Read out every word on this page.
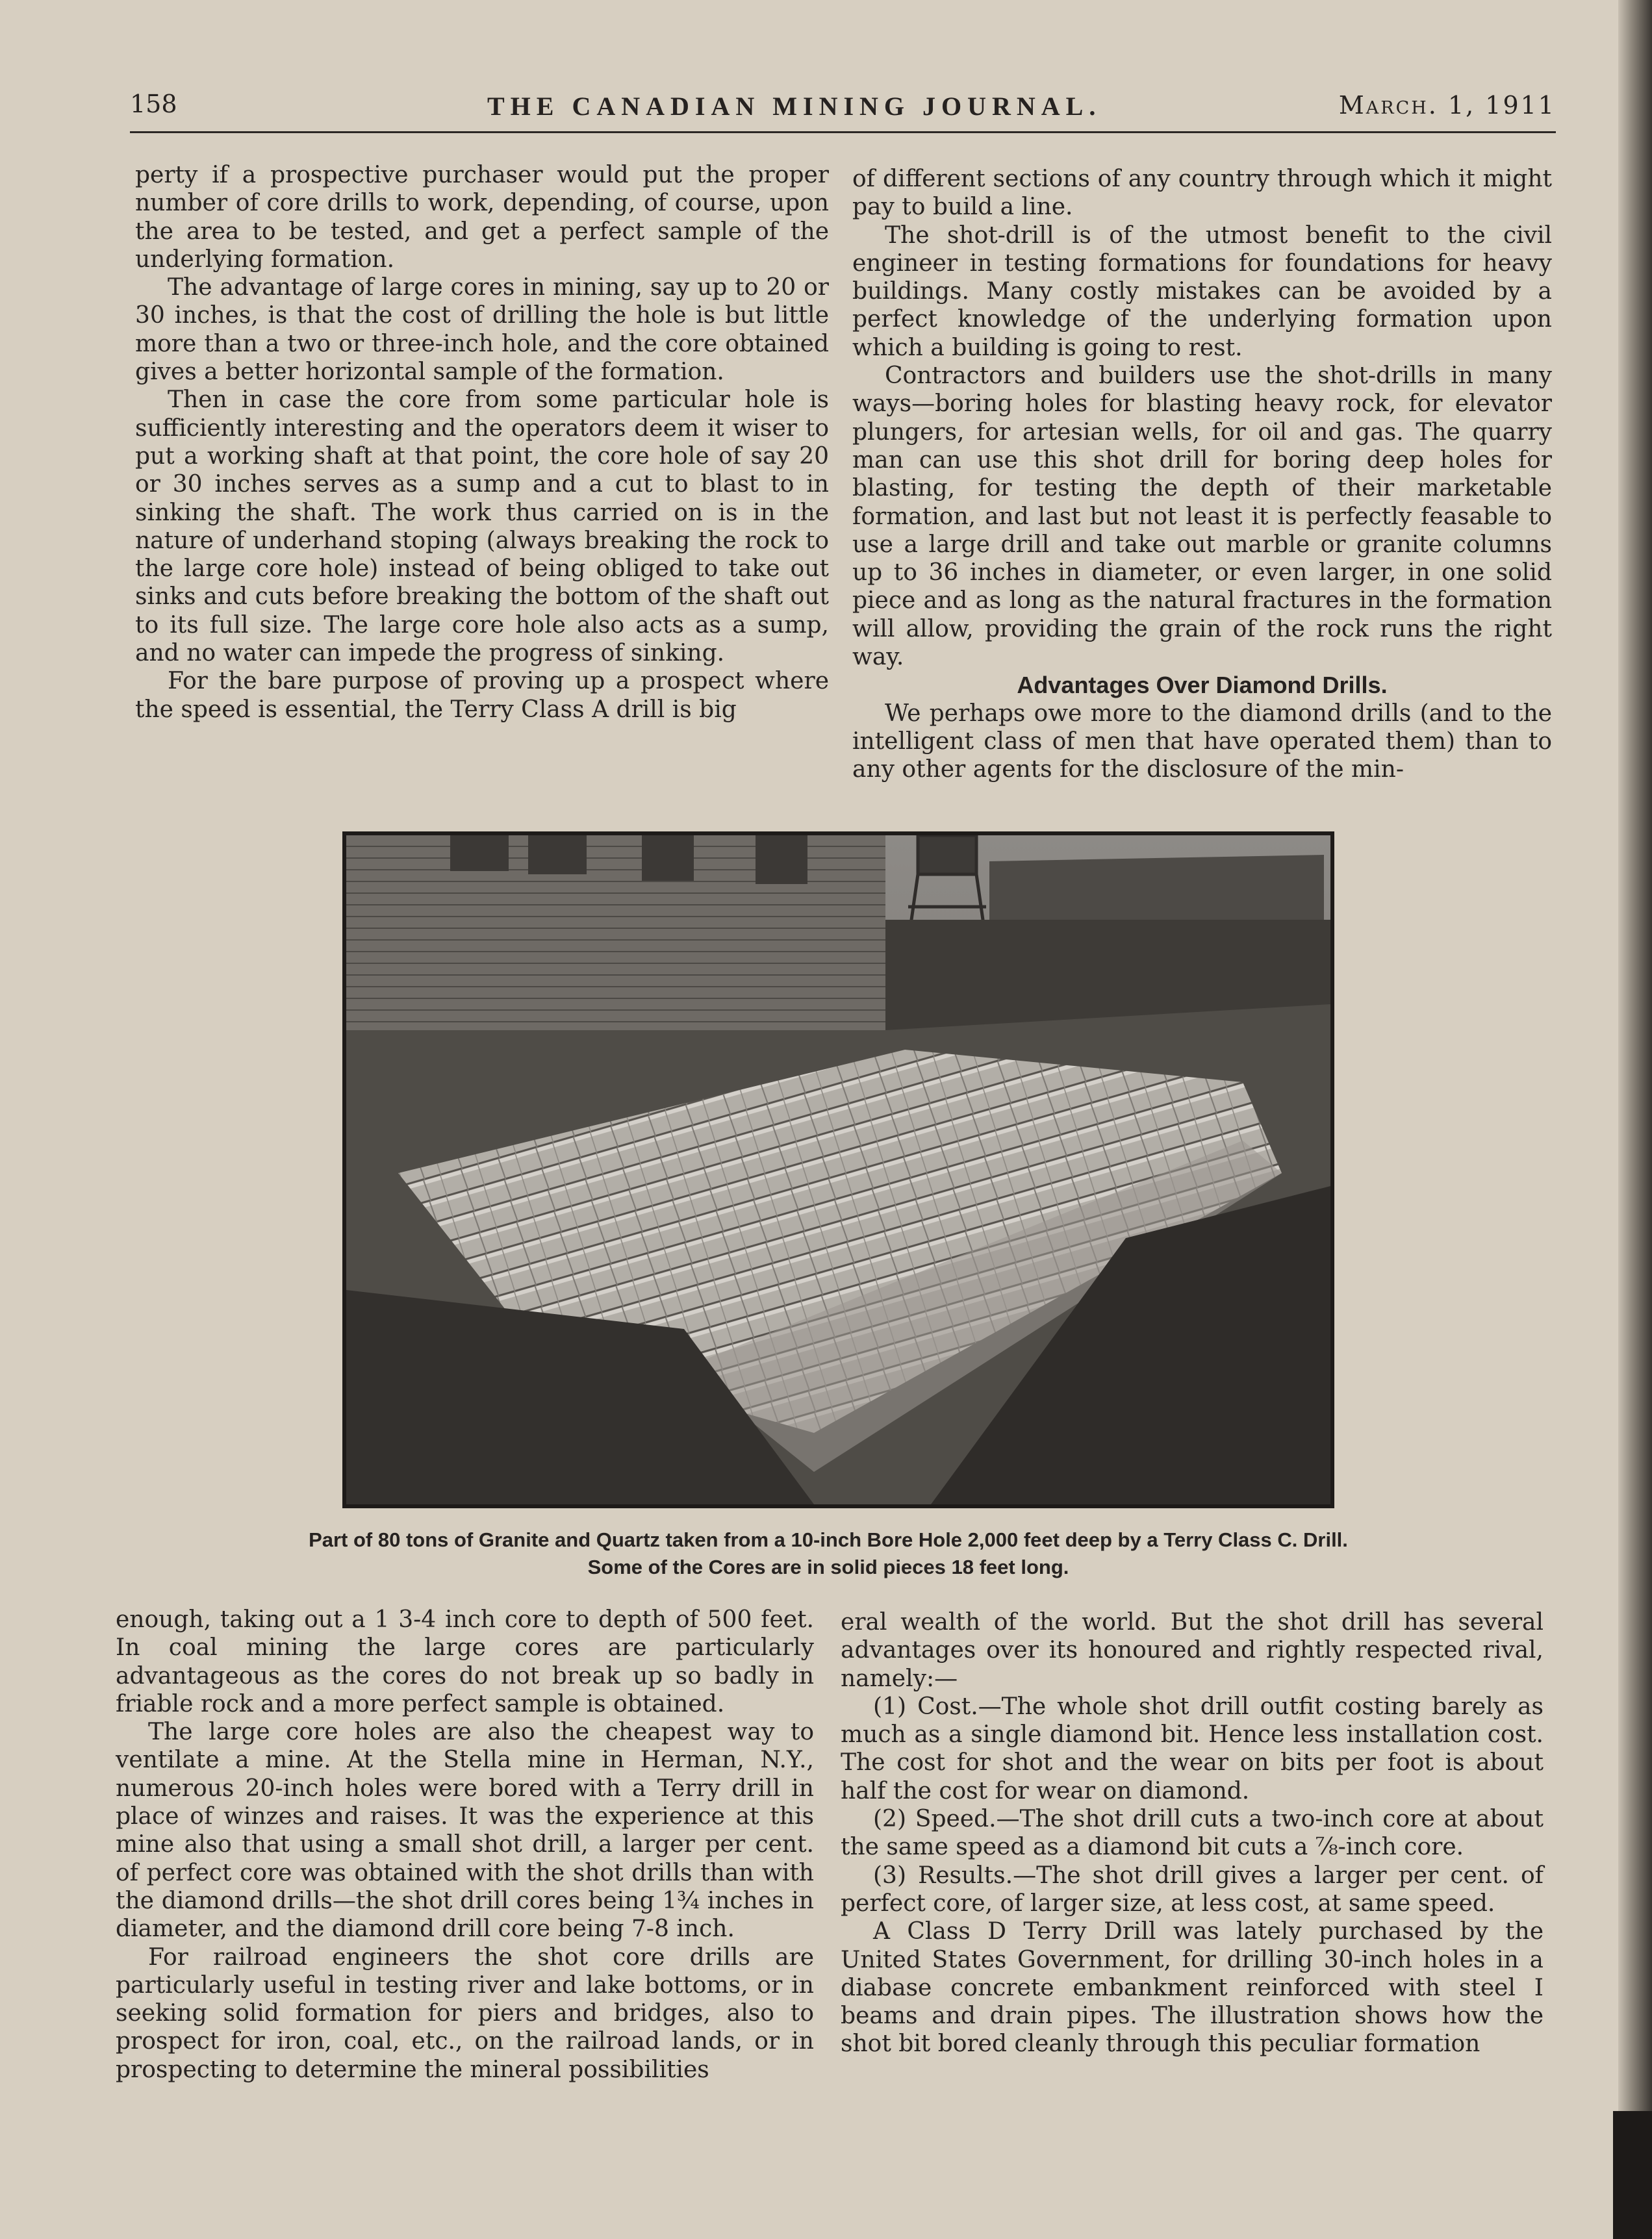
158	THE CANADIAN MINING JOURNAL.	March. 1, 1911

perty if a prospective purchaser would put the proper number of core drills to work, depending, of course, upon the area to be tested, and get a perfect sample of the underlying formation.

The advantage of large cores in mining, say up to 20 or 30 inches, is that the cost of drilling the hole is but little more than a two or three-inch hole, and the core obtained gives a better horizontal sample of the formation.

Then in case the core from some particular hole is sufficiently interesting and the operators deem it wiser to put a working shaft at that point, the core hole of say 20 or 30 inches serves as a sump and a cut to blast to in sinking the shaft. The work thus carried on is in the nature of underhand stoping (always breaking the rock to the large core hole) instead of being obliged to take out sinks and cuts before breaking the bottom of the shaft out to its full size. The large core hole also acts as a sump, and no water can impede the progress of sinking.

For the bare purpose of proving up a prospect where the speed is essential, the Terry Class A drill is big

of different sections of any country through which it might pay to build a line.

The shot-drill is of the utmost benefit to the civil engineer in testing formations for foundations for heavy buildings. Many costly mistakes can be avoided by a perfect knowledge of the underlying formation upon which a building is going to rest.

Contractors and builders use the shot-drills in many ways—boring holes for blasting heavy rock, for elevator plungers, for artesian wells, for oil and gas. The quarry man can use this shot drill for boring deep holes for blasting, for testing the depth of their marketable formation, and last but not least it is perfectly feasable to use a large drill and take out marble or granite columns up to 36 inches in diameter, or even larger, in one solid piece and as long as the natural fractures in the formation will allow, providing the grain of the rock runs the right way.

Advantages Over Diamond Drills.

We perhaps owe more to the diamond drills (and to the intelligent class of men that have operated them) than to any other agents for the disclosure of the min-

Part of 80 tons of Granite and Quartz taken from a 10-inch Bore Hole 2,000 feet deep by a Terry Class C. Drill.
Some of the Cores are in solid pieces 18 feet long.

enough, taking out a 1 3-4 inch core to depth of 500 feet. In coal mining the large cores are particularly advantageous as the cores do not break up so badly in friable rock and a more perfect sample is obtained.

The large core holes are also the cheapest way to ventilate a mine. At the Stella mine in Herman, N.Y., numerous 20-inch holes were bored with a Terry drill in place of winzes and raises. It was the experience at this mine also that using a small shot drill, a larger per cent. of perfect core was obtained with the shot drills than with the diamond drills—the shot drill cores being 1¾ inches in diameter, and the diamond drill core being 7-8 inch.

For railroad engineers the shot core drills are particularly useful in testing river and lake bottoms, or in seeking solid formation for piers and bridges, also to prospect for iron, coal, etc., on the railroad lands, or in prospecting to determine the mineral possibilities

eral wealth of the world. But the shot drill has several advantages over its honoured and rightly respected rival, namely:—

(1) Cost.—The whole shot drill outfit costing barely as much as a single diamond bit. Hence less installation cost. The cost for shot and the wear on bits per foot is about half the cost for wear on diamond.

(2) Speed.—The shot drill cuts a two-inch core at about the same speed as a diamond bit cuts a ⅞-inch core.

(3) Results.—The shot drill gives a larger per cent. of perfect core, of larger size, at less cost, at same speed.

A Class D Terry Drill was lately purchased by the United States Government, for drilling 30-inch holes in a diabase concrete embankment reinforced with steel I beams and drain pipes. The illustration shows how the shot bit bored cleanly through this peculiar formation
